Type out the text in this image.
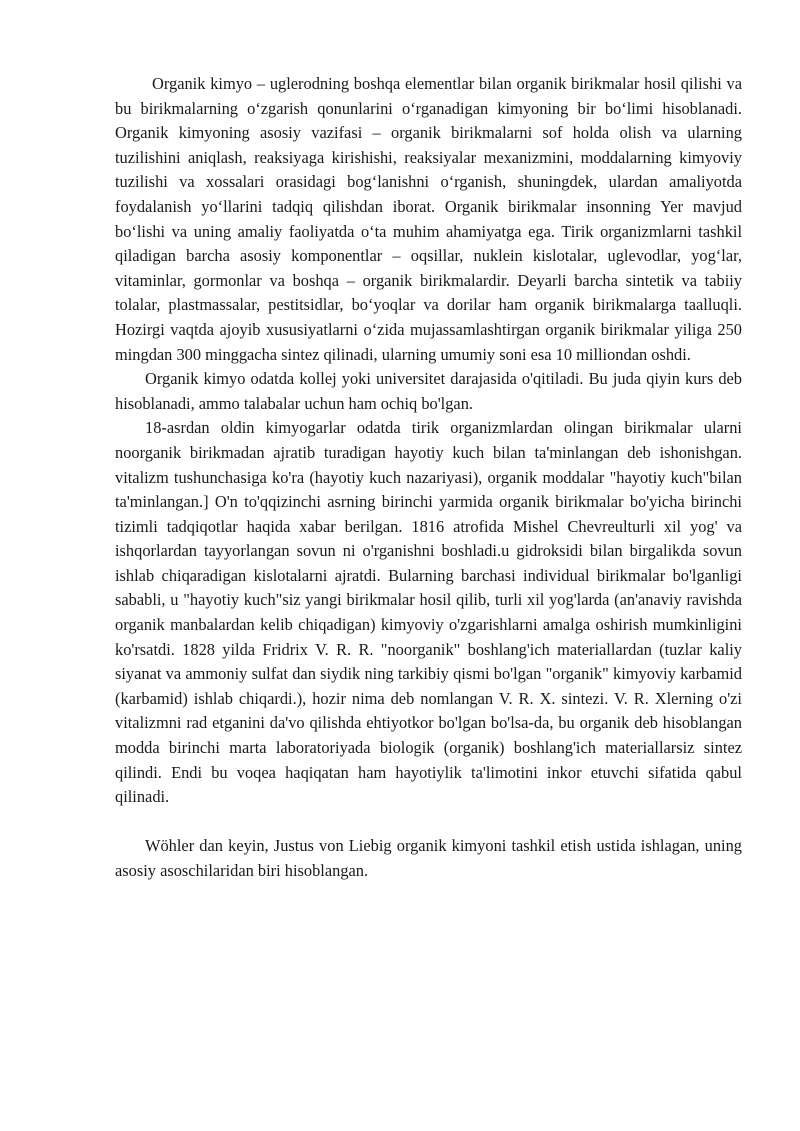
Organik kimyo – uglerodning boshqa elementlar bilan organik birikmalar hosil qilishi va bu birikmalarning o‘zgarish qonunlarini o‘rganadigan kimyoning bir bo‘limi hisoblanadi. Organik kimyoning asosiy vazifasi – organik birikmalarni sof holda olish va ularning tuzilishini aniqlash, reaksiyaga kirishishi, reaksiyalar mexanizmini, moddalarning kimyoviy tuzilishi va xossalari orasidagi bog‘lanishni o‘rganish, shuningdek, ulardan amaliyotda foydalanish yo‘llarini tadqiq qilishdan iborat. Organik birikmalar insonning Yer mavjud bo‘lishi va uning amaliy faoliyatda o‘ta muhim ahamiyatga ega. Tirik organizmlarni tashkil qiladigan barcha asosiy komponentlar – oqsillar, nuklein kislotalar, uglevodlar, yog‘lar, vitaminlar, gormonlar va boshqa – organik birikmalardir. Deyarli barcha sintetik va tabiiy tolalar, plastmassalar, pestitsidlar, bo‘yoqlar va dorilar ham organik birikmalarga taalluqli. Hozirgi vaqtda ajoyib xususiyatlarni o‘zida mujassamlashtirgan organik birikmalar yiliga 250 mingdan 300 minggacha sintez qilinadi, ularning umumiy soni esa 10 milliondan oshdi.

Organik kimyo odatda kollej yoki universitet darajasida o'qitiladi. Bu juda qiyin kurs deb hisoblanadi, ammo talabalar uchun ham ochiq bo'lgan.

18-asrdan oldin kimyogarlar odatda tirik organizmlardan olingan birikmalar ularni noorganik birikmadan ajratib turadigan hayotiy kuch bilan ta'minlangan deb ishonishgan. vitalizm tushunchasiga ko'ra (hayotiy kuch nazariyasi), organik moddalar "hayotiy kuch"bilan ta'minlangan.] O'n to'qqizinchi asrning birinchi yarmida organik birikmalar bo'yicha birinchi tizimli tadqiqotlar haqida xabar berilgan. 1816 atrofida Mishel Chevreulturli xil yog' va ishqorlardan tayyorlangan sovun ni o'rganishni boshladi.u gidroksidi bilan birgalikda sovun ishlab chiqaradigan kislotalarni ajratdi. Bularning barchasi individual birikmalar bo'lganligi sababli, u "hayotiy kuch"siz yangi birikmalar hosil qilib, turli xil yog'larda (an'anaviy ravishda organik manbalardan kelib chiqadigan) kimyoviy o'zgarishlarni amalga oshirish mumkinligini ko'rsatdi. 1828 yilda Fridrix V. R. R. "noorganik" boshlang'ich materiallardan (tuzlar kaliy siyanat va ammoniy sulfat dan siydik ning tarkibiy qismi bo'lgan "organik" kimyoviy karbamid (karbamid) ishlab chiqardi.), hozir nima deb nomlangan V. R. X. sintezi. V. R. Xlerning o'zi vitalizmni rad etganini da'vo qilishda ehtiyotkor bo'lgan bo'lsa-da, bu organik deb hisoblangan modda birinchi marta laboratoriyada biologik (organik) boshlang'ich materiallarsiz sintez qilindi. Endi bu voqea haqiqatan ham hayotiylik ta'limotini inkor etuvchi sifatida qabul qilinadi.

Wöhler dan keyin, Justus von Liebig organik kimyoni tashkil etish ustida ishlagan, uning asosiy asoschilaridan biri hisoblangan.
